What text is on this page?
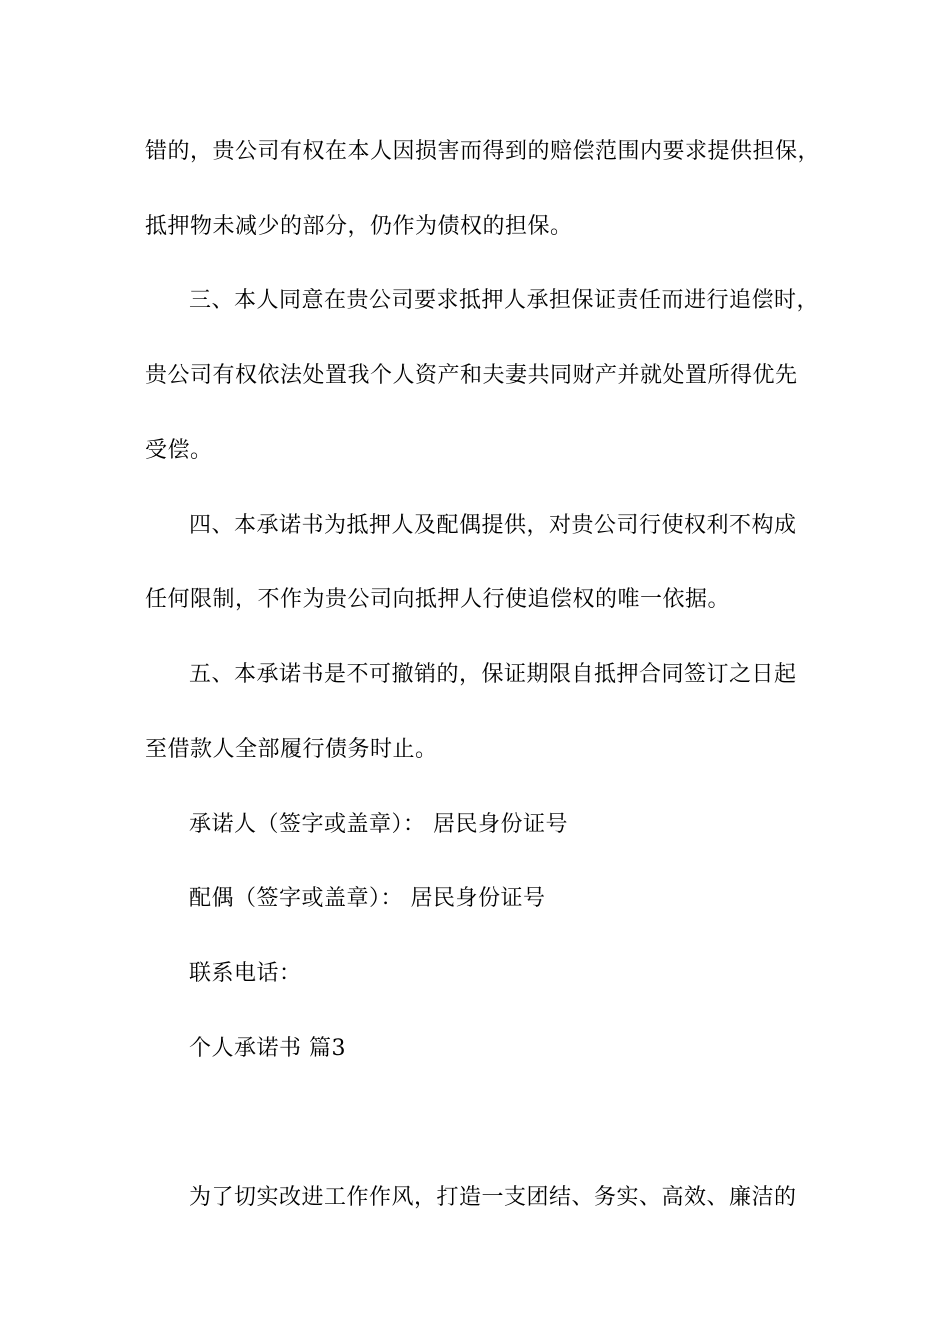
错的，贵公司有权在本人因损害而得到的赔偿范围内要求提供担保，
抵押物未减少的部分，仍作为债权的担保。
三、本人同意在贵公司要求抵押人承担保证责任而进行追偿时，
贵公司有权依法处置我个人资产和夫妻共同财产并就处置所得优先
受偿。
四、本承诺书为抵押人及配偶提供，对贵公司行使权利不构成
任何限制，不作为贵公司向抵押人行使追偿权的唯一依据。
五、本承诺书是不可撤销的，保证期限自抵押合同签订之日起
至借款人全部履行债务时止。
承诺人（签字或盖章）： 居民身份证号
配偶（签字或盖章）： 居民身份证号
联系电话：
个人承诺书 篇3
为了切实改进工作作风，打造一支团结、务实、高效、廉洁的
